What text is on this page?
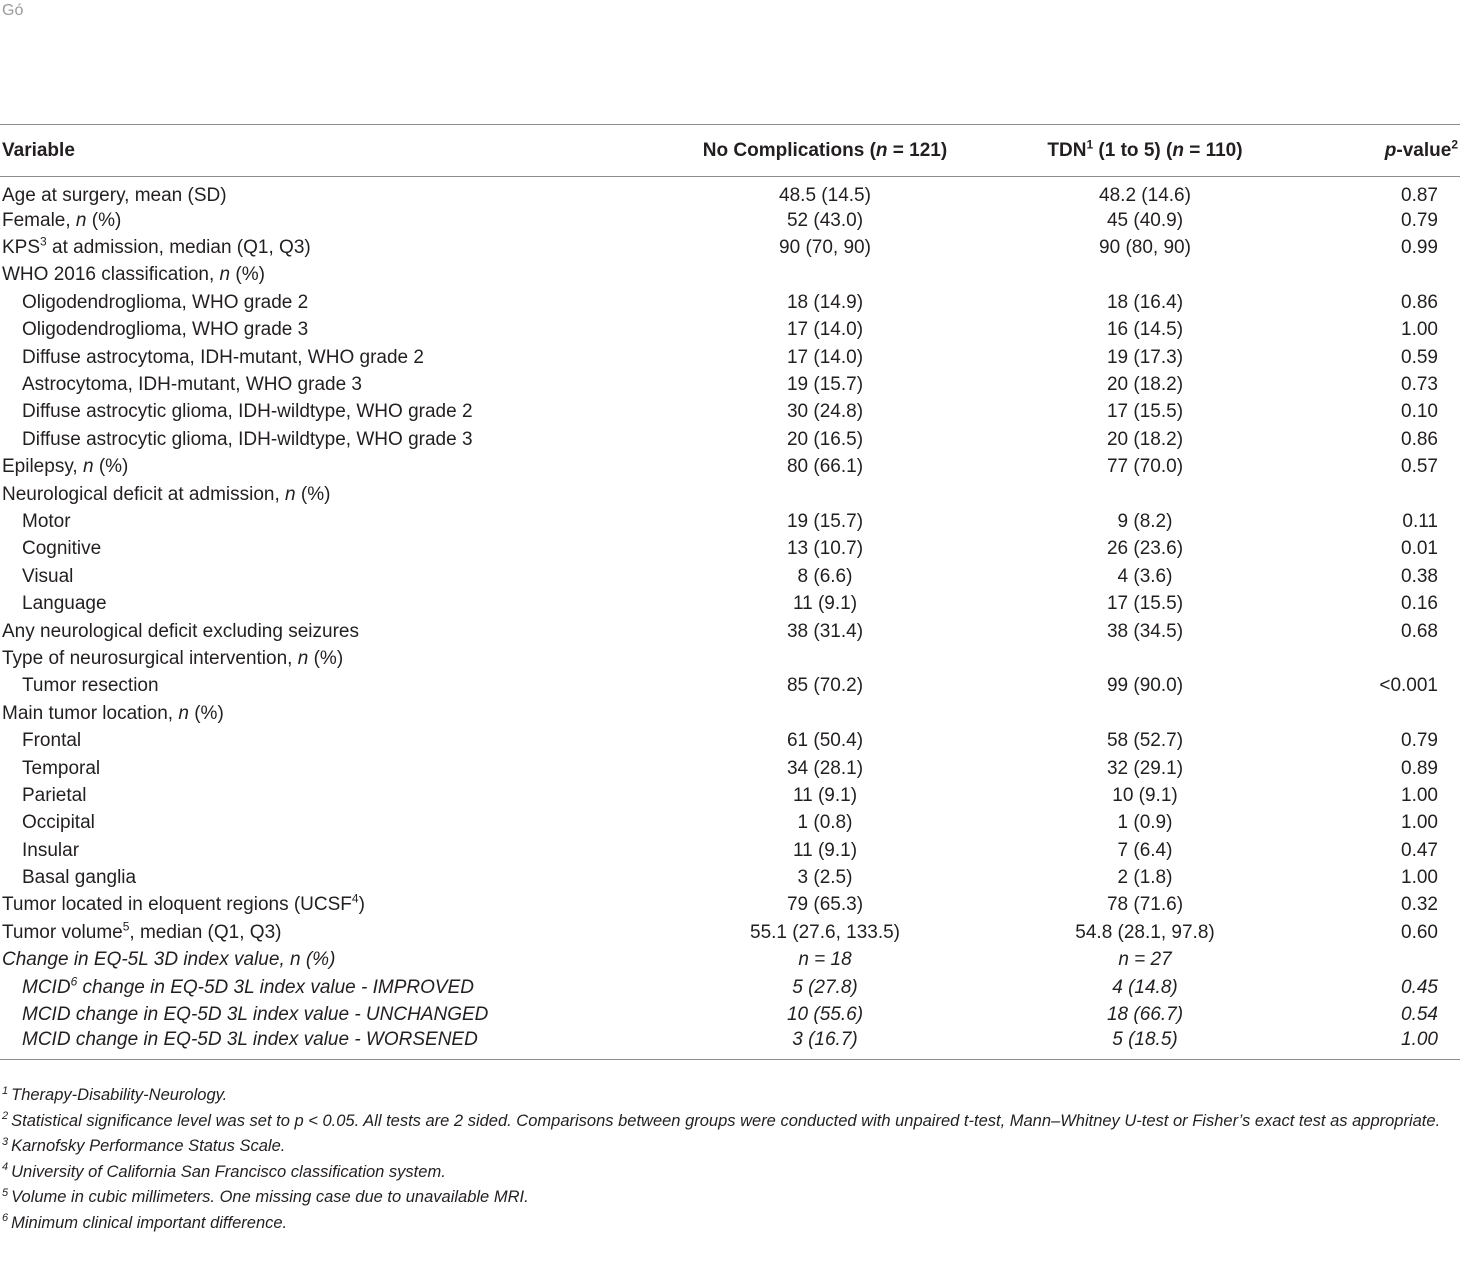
Gó
Variable	No Complications (n = 121)	TDN$^1$ (1 to 5) (n = 110)	p-value$^2$
Age at surgery, mean (SD)	48.5 (14.5)	48.2 (14.6)	0.87
Female, n (%)	52 (43.0)	45 (40.9)	0.79
KPS$^3$ at admission, median (Q1, Q3)	90 (70, 90)	90 (80, 90)	0.99
WHO 2016 classification, n (%)			
Oligodendroglioma, WHO grade 2	18 (14.9)	18 (16.4)	0.86
Oligodendroglioma, WHO grade 3	17 (14.0)	16 (14.5)	1.00
Diffuse astrocytoma, IDH-mutant, WHO grade 2	17 (14.0)	19 (17.3)	0.59
Astrocytoma, IDH-mutant, WHO grade 3	19 (15.7)	20 (18.2)	0.73
Diffuse astrocytic glioma, IDH-wildtype, WHO grade 2	30 (24.8)	17 (15.5)	0.10
Diffuse astrocytic glioma, IDH-wildtype, WHO grade 3	20 (16.5)	20 (18.2)	0.86
Epilepsy, n (%)	80 (66.1)	77 (70.0)	0.57
Neurological deficit at admission, n (%)			
Motor	19 (15.7)	9 (8.2)	0.11
Cognitive	13 (10.7)	26 (23.6)	0.01
Visual	8 (6.6)	4 (3.6)	0.38
Language	11 (9.1)	17 (15.5)	0.16
Any neurological deficit excluding seizures	38 (31.4)	38 (34.5)	0.68
Type of neurosurgical intervention, n (%)			
Tumor resection	85 (70.2)	99 (90.0)	<0.001
Main tumor location, n (%)			
Frontal	61 (50.4)	58 (52.7)	0.79
Temporal	34 (28.1)	32 (29.1)	0.89
Parietal	11 (9.1)	10 (9.1)	1.00
Occipital	1 (0.8)	1 (0.9)	1.00
Insular	11 (9.1)	7 (6.4)	0.47
Basal ganglia	3 (2.5)	2 (1.8)	1.00
Tumor located in eloquent regions (UCSF$^4$)	79 (65.3)	78 (71.6)	0.32
Tumor volume$^5$, median (Q1, Q3)	55.1 (27.6, 133.5)	54.8 (28.1, 97.8)	0.60
Change in EQ-5L 3D index value, n (%)	n = 18	n = 27	
MCID$^6$ change in EQ-5D 3L index value - IMPROVED	5 (27.8)	4 (14.8)	0.45
MCID change in EQ-5D 3L index value - UNCHANGED	10 (55.6)	18 (66.7)	0.54
MCID change in EQ-5D 3L index value - WORSENED	3 (16.7)	5 (18.5)	1.00
$^1$ Therapy-Disability-Neurology.
$^2$ Statistical significance level was set to p < 0.05. All tests are 2 sided. Comparisons between groups were conducted with unpaired t-test, Mann–Whitney U-test or Fisher’s exact test as appropriate.
$^3$ Karnofsky Performance Status Scale.
$^4$ University of California San Francisco classification system.
$^5$ Volume in cubic millimeters. One missing case due to unavailable MRI.
$^6$ Minimum clinical important difference.
